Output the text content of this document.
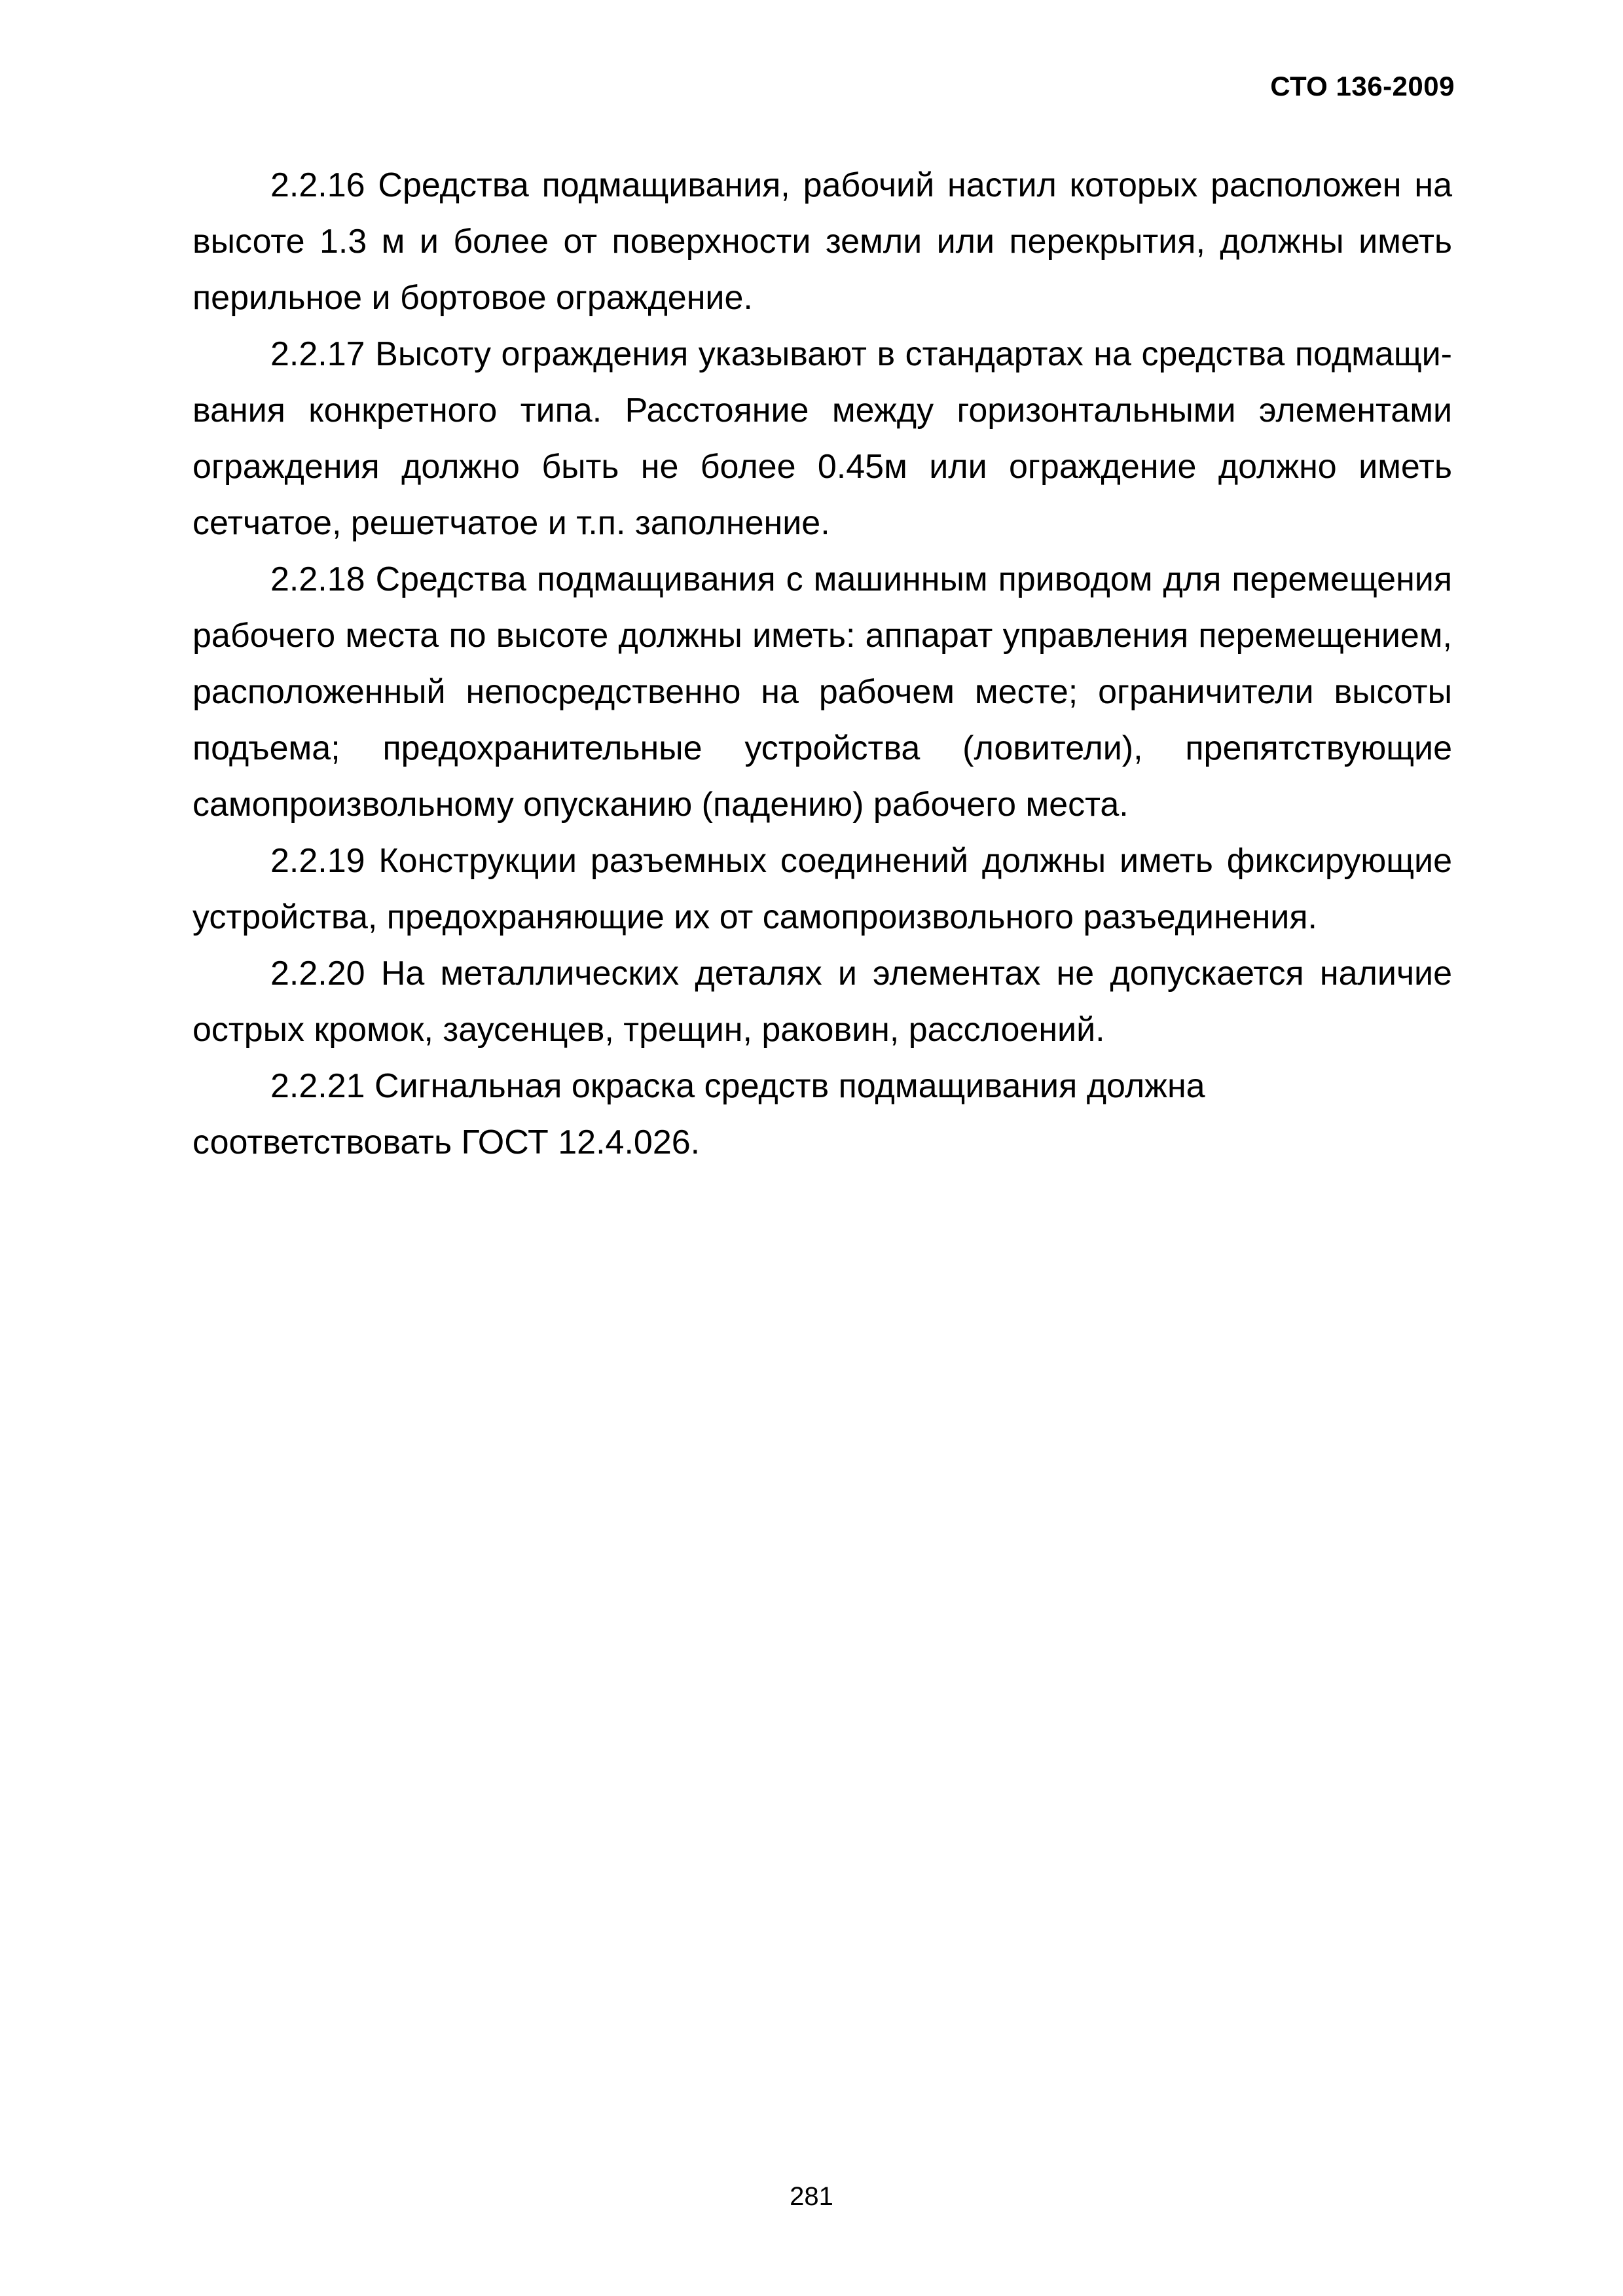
СТО 136-2009

2.2.16 Средства подмащивания, рабочий настил которых расположен на высоте 1.3 м и более от поверхности земли или перекрытия, должны иметь перильное и бортовое ограждение.

2.2.17 Высоту ограждения указывают в стандартах на средства подмащивания конкретного типа. Расстояние между горизонтальными элементами ограждения должно быть не более 0.45м или ограждение должно иметь сетчатое, решетчатое и т.п. заполнение.

2.2.18 Средства подмащивания с машинным приводом для перемещения рабочего места по высоте должны иметь: аппарат управления перемещением, расположенный непосредственно на рабочем месте; ограничители высоты подъема; предохранительные устройства (ловители), препятствующие самопроизвольному опусканию (падению) рабочего места.

2.2.19 Конструкции разъемных соединений должны иметь фиксирующие устройства, предохраняющие их от самопроизвольного разъединения.

2.2.20 На металлических деталях и элементах не допускается наличие острых кромок, заусенцев, трещин, раковин, расслоений.

2.2.21 Сигнальная окраска средств подмащивания должна соответствовать ГОСТ 12.4.026.

281
